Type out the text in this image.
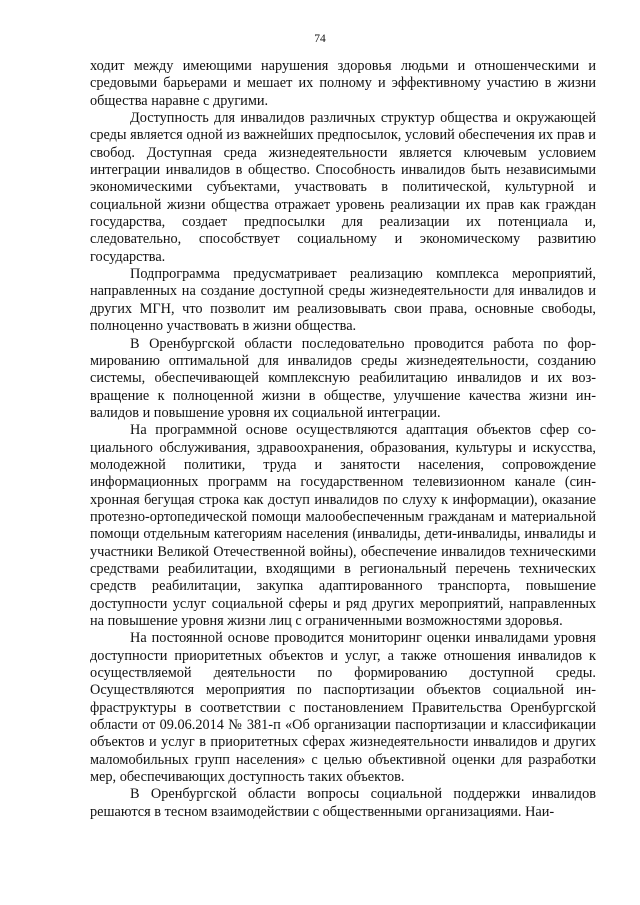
74

ходит между имеющими нарушения здоровья людьми и отношенческими и средовыми барьерами и мешает их полному и эффективному участию в жизни общества наравне с другими.

Доступность для инвалидов различных структур общества и окружающей среды является одной из важнейших предпосылок, условий обеспечения их прав и свобод. Доступная среда жизнедеятельности является ключевым условием интеграции инвалидов в общество. Способность инвалидов быть независимыми экономическими субъектами, участвовать в политической, культурной и социальной жизни общества отражает уровень реализации их прав как граждан государства, создает предпосылки для реализации их потенциала и, следовательно, способствует социальному и экономическому развитию государства.

Подпрограмма предусматривает реализацию комплекса мероприятий, направленных на создание доступной среды жизнедеятельности для инвалидов и других МГН, что позволит им реализовывать свои права, основные свободы, полноценно участвовать в жизни общества.

В Оренбургской области последовательно проводится работа по формированию оптимальной для инвалидов среды жизнедеятельности, созданию системы, обеспечивающей комплексную реабилитацию инвалидов и их возвращение к полноценной жизни в обществе, улучшение качества жизни инвалидов и повышение уровня их социальной интеграции.

На программной основе осуществляются адаптация объектов сфер социального обслуживания, здравоохранения, образования, культуры и искусства, молодежной политики, труда и занятости населения, сопровождение информационных программ на государственном телевизионном канале (синхронная бегущая строка как доступ инвалидов по слуху к информации), оказание протезно-ортопедической помощи малообеспеченным гражданам и материальной помощи отдельным категориям населения (инвалиды, дети-инвалиды, инвалиды и участники Великой Отечественной войны), обеспечение инвалидов техническими средствами реабилитации, входящими в региональный перечень технических средств реабилитации, закупка адаптированного транспорта, повышение доступности услуг социальной сферы и ряд других мероприятий, направленных на повышение уровня жизни лиц с ограниченными возможностями здоровья.

На постоянной основе проводится мониторинг оценки инвалидами уровня доступности приоритетных объектов и услуг, а также отношения инвалидов к осуществляемой деятельности по формированию доступной среды. Осуществляются мероприятия по паспортизации объектов социальной инфраструктуры в соответствии с постановлением Правительства Оренбургской области от 09.06.2014 № 381-п «Об организации паспортизации и классификации объектов и услуг в приоритетных сферах жизнедеятельности инвалидов и других маломобильных групп населения» с целью объективной оценки для разработки мер, обеспечивающих доступность таких объектов.

В Оренбургской области вопросы социальной поддержки инвалидов решаются в тесном взаимодействии с общественными организациями. Наи-
